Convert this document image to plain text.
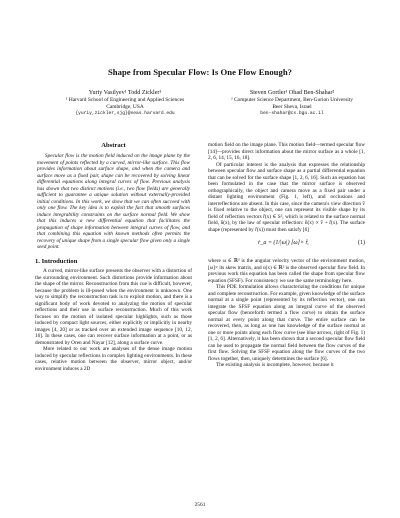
Shape from Specular Flow: Is One Flow Enough?
Yuriy Vasilyev¹ Todd Zickler¹
¹ Harvard School of Engineering and Applied Sciences
Cambridge, USA
{yuriy,zickler,sjg}@seas.harvard.edu
Steven Gortler¹ Ohad Ben-Shahar²
² Computer Science Department, Ben-Gurion University
Beer Sheva, Israel
ben-shahar@cs.bgu.ac.il
Abstract
Specular flow is the motion field induced on the image plane by the movement of points reflected by a curved, mirror-like surface. This flow provides information about surface shape, and when the camera and surface move as a fixed pair, shape can be recovered by solving linear differential equations along integral curves of flow. Previous analysis has shown that two distinct motions (i.e., two flow fields) are generally sufficient to guarantee a unique solution without externally-provided initial conditions. In this work, we show that we can often succeed with only one flow. The key idea is to exploit the fact that smooth surfaces induce integrability constraints on the surface normal field. We show that this induces a new differential equation that facilitates the propagation of shape information between integral curves of flow, and that combining this equation with known methods often permits the recovery of unique shape from a single specular flow given only a single seed point.
1. Introduction
A curved, mirror-like surface presents the observer with a distortion of the surrounding environment. Such distortions provide information about the shape of the mirror. Reconstruction from this cue is difficult, however, because the problem is ill-posed when the environment is unknown. One way to simplify the reconstruction task is to exploit motion, and there is a significant body of work devoted to analyzing the motion of specular reflections and their use in surface reconstruction. Much of this work focuses on the motion of isolated specular highlights, such as those induced by compact light sources, either explicitly or implicitly in nearby images [4, 20] or as tracked over an extended image sequence [10, 12, 16]. In these cases, one can recover surface information at a point, or as demonstrated by Oren and Nayar [12], along a surface curve.
More related to our work are analyses of the dense image motion induced by specular reflections in complex lighting environments. In these cases, relative motion between the observer, mirror object, and/or environment induces a 2D
motion field on the image plane. This motion field—termed specular flow [14]—provides direct information about the mirror surface as a whole [1, 2, 6, 14, 15, 16, 18].
Of particular interest is the analysis that expresses the relationship between specular flow and surface shape as a partial differential equation that can be solved for the surface shape [1, 2, 6, 16]. Such an equation has been formulated in the case that the mirror surface is observed orthographically, the object and camera move as a fixed pair under a distant lighting environment (Fig. 1, left), and occlusions and interreflections are absent. In this case, since the camera's view direction v̂ is fixed relative to the object, one can represent its visible shape by its field of reflection vectors r̂(x) ∈ S², which is related to the surface normal field, n̂(x), by the law of specular reflection: n̂(x) ∝ v̂ + r̂(x). The surface shape (represented by r̂(x)) must then satisfy [6]
ṙ_a = (1/|ω|) [ω]× r̂,	(1)
where ω ∈ ℝ³ is the angular velocity vector of the environment motion, [ω]× its skew matrix, and u(x) ∈ ℝ² is the observed specular flow field. In previous work this equation has been called the shape from specular flow equation (SFSF). For consistency we use the same terminology here.
This PDE formulation allows characterizing the conditions for unique and complete reconstruction. For example, given knowledge of the surface normal at a single point (represented by its reflection vector), one can integrate the SFSF equation along an integral curve of the observed specular flow (henceforth termed a flow curve) to obtain the surface normal at every point along that curve. The entire surface can be recovered, then, as long as one has knowledge of the surface normal at one or more points along each flow curve (see blue arrows, right of Fig. 1) [1, 2, 6]. Alternatively, it has been shown that a second specular flow field can be used to propagate the normal field between the flow curves of the first flow. Solving the SFSF equation along the flow curves of the two flows together, then, uniquely determines the surface [6].
The existing analysis is incomplete, however, because it
2561
